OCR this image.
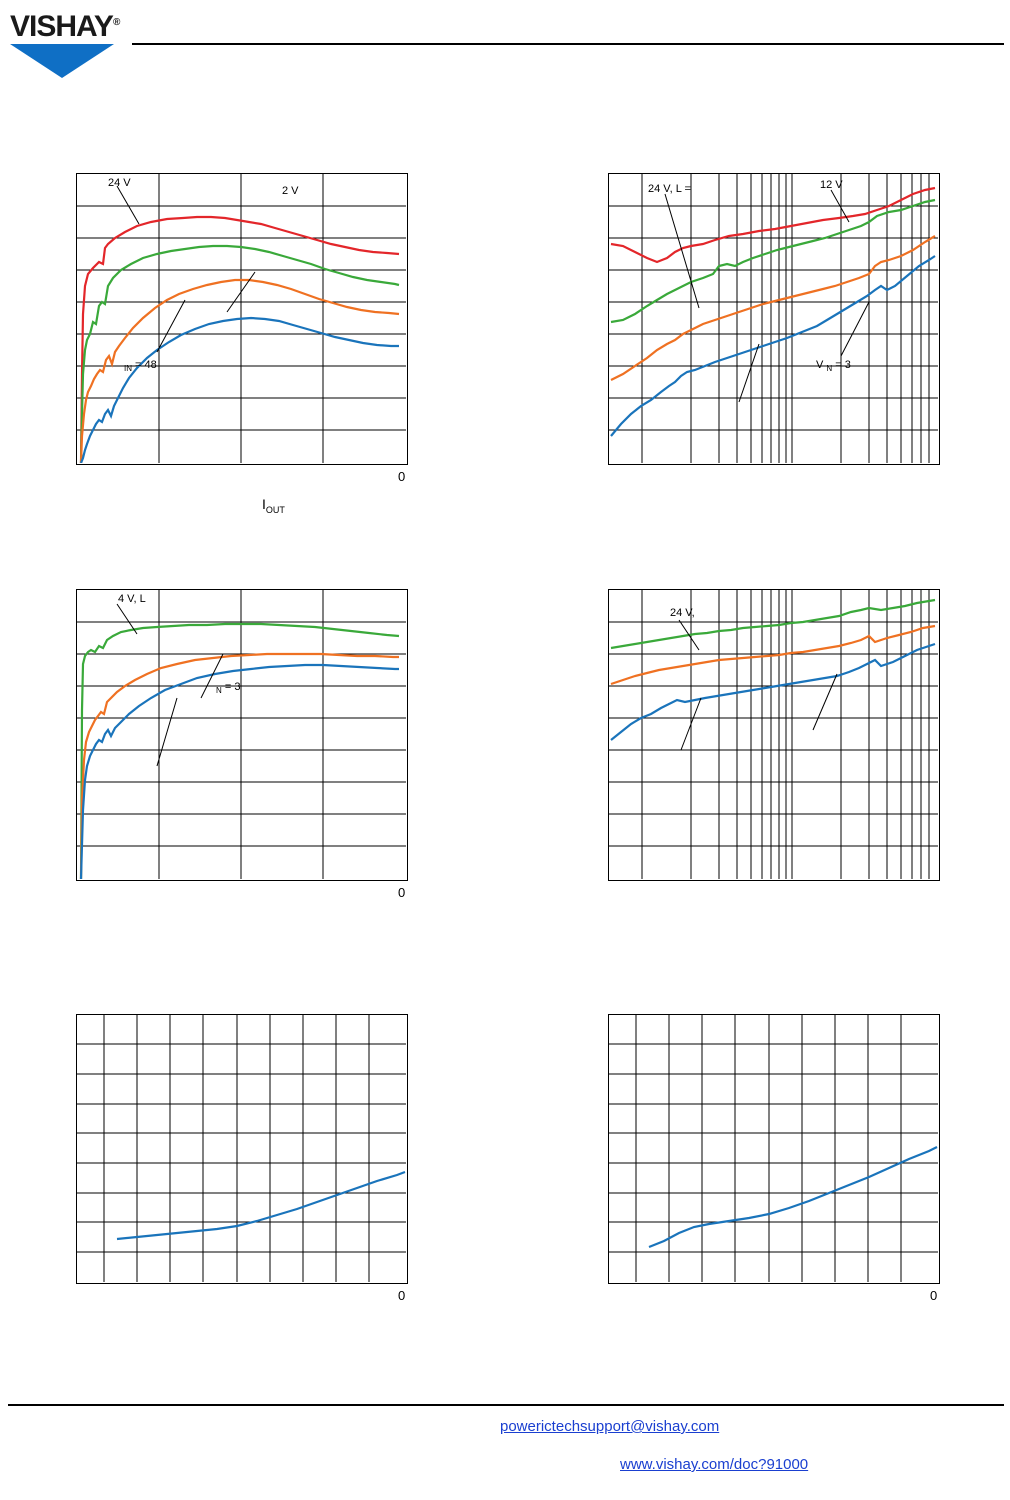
VISHAY®
24 V
2 V
$_{IN}$ = 48
0
$I_{OUT}$
24 V, L =	12 V
V $_N$ = 3
4 V, L
$_N$ = 3
0
24 V,
0	0
powerictechsupport@vishay.com
www.vishay.com/doc?91000
